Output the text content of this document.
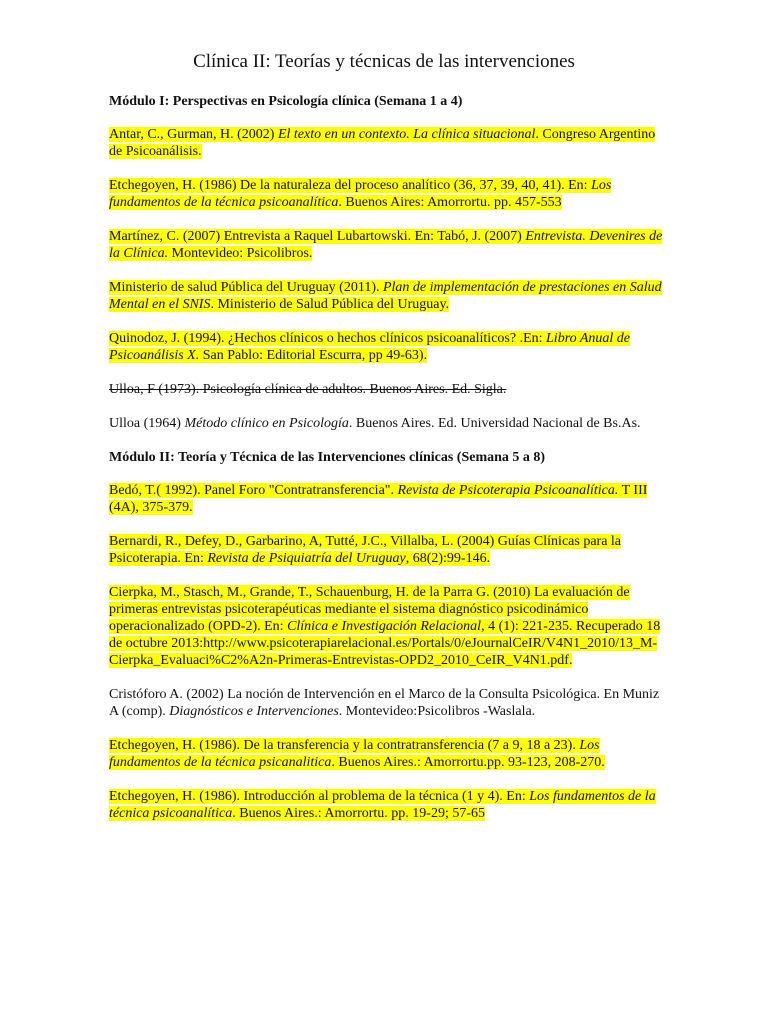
Clínica II: Teorías y técnicas de las intervenciones

Módulo I: Perspectivas en Psicología clínica (Semana 1 a 4)

Antar, C., Gurman, H. (2002) El texto en un contexto. La clínica situacional. Congreso Argentino de Psicoanálisis.

Etchegoyen, H. (1986) De la naturaleza del proceso analítico (36, 37, 39, 40, 41). En: Los fundamentos de la técnica psicoanalítica. Buenos Aires: Amorrortu. pp. 457-553

Martínez, C. (2007) Entrevista a Raquel Lubartowski. En: Tabó, J. (2007) Entrevista. Devenires de la Clínica. Montevideo: Psicolibros.

Ministerio de salud Pública del Uruguay (2011). Plan de implementación de prestaciones en Salud Mental en el SNIS. Ministerio de Salud Pública del Uruguay.

Quinodoz, J. (1994). ¿Hechos clínicos o hechos clínicos psicoanalíticos? .En: Libro Anual de Psicoanálisis X. San Pablo: Editorial Escurra, pp 49-63).

Ulloa, F (1973). Psicología clínica de adultos. Buenos Aires. Ed. Sigla.

Ulloa (1964) Método clínico en Psicología. Buenos Aires. Ed. Universidad Nacional de Bs.As.

Módulo II: Teoría y Técnica de las Intervenciones clínicas (Semana 5 a 8)

Bedó, T.( 1992). Panel Foro "Contratransferencia". Revista de Psicoterapia Psicoanalítica. T III (4A), 375-379.

Bernardi, R., Defey, D., Garbarino, A, Tutté, J.C., Villalba, L. (2004) Guías Clínicas para la Psicoterapia. En: Revista de Psiquiatría del Uruguay, 68(2):99-146.

Cierpka, M., Stasch, M., Grande, T., Schauenburg, H. de la Parra G. (2010) La evaluación de primeras entrevistas psicoterapéuticas mediante el sistema diagnóstico psicodinámico operacionalizado (OPD-2). En: Clínica e Investigación Relacional, 4 (1): 221-235. Recuperado 18 de octubre 2013:http://www.psicoterapiarelacional.es/Portals/0/eJournalCeIR/V4N1_2010/13_M-Cierpka_Evaluaci%C2%A2n-Primeras-Entrevistas-OPD2_2010_CeIR_V4N1.pdf.

Cristóforo A. (2002) La noción de Intervención en el Marco de la Consulta Psicológica. En Muniz A (comp). Diagnósticos e Intervenciones. Montevideo:Psicolibros -Waslala.

Etchegoyen, H. (1986). De la transferencia y la contratransferencia (7 a 9, 18 a 23). Los fundamentos de la técnica psicanalitica. Buenos Aires.: Amorrortu.pp. 93-123, 208-270.

Etchegoyen, H. (1986). Introducción al problema de la técnica (1 y 4). En: Los fundamentos de la técnica psicoanalítica. Buenos Aires.: Amorrortu. pp. 19-29; 57-65
